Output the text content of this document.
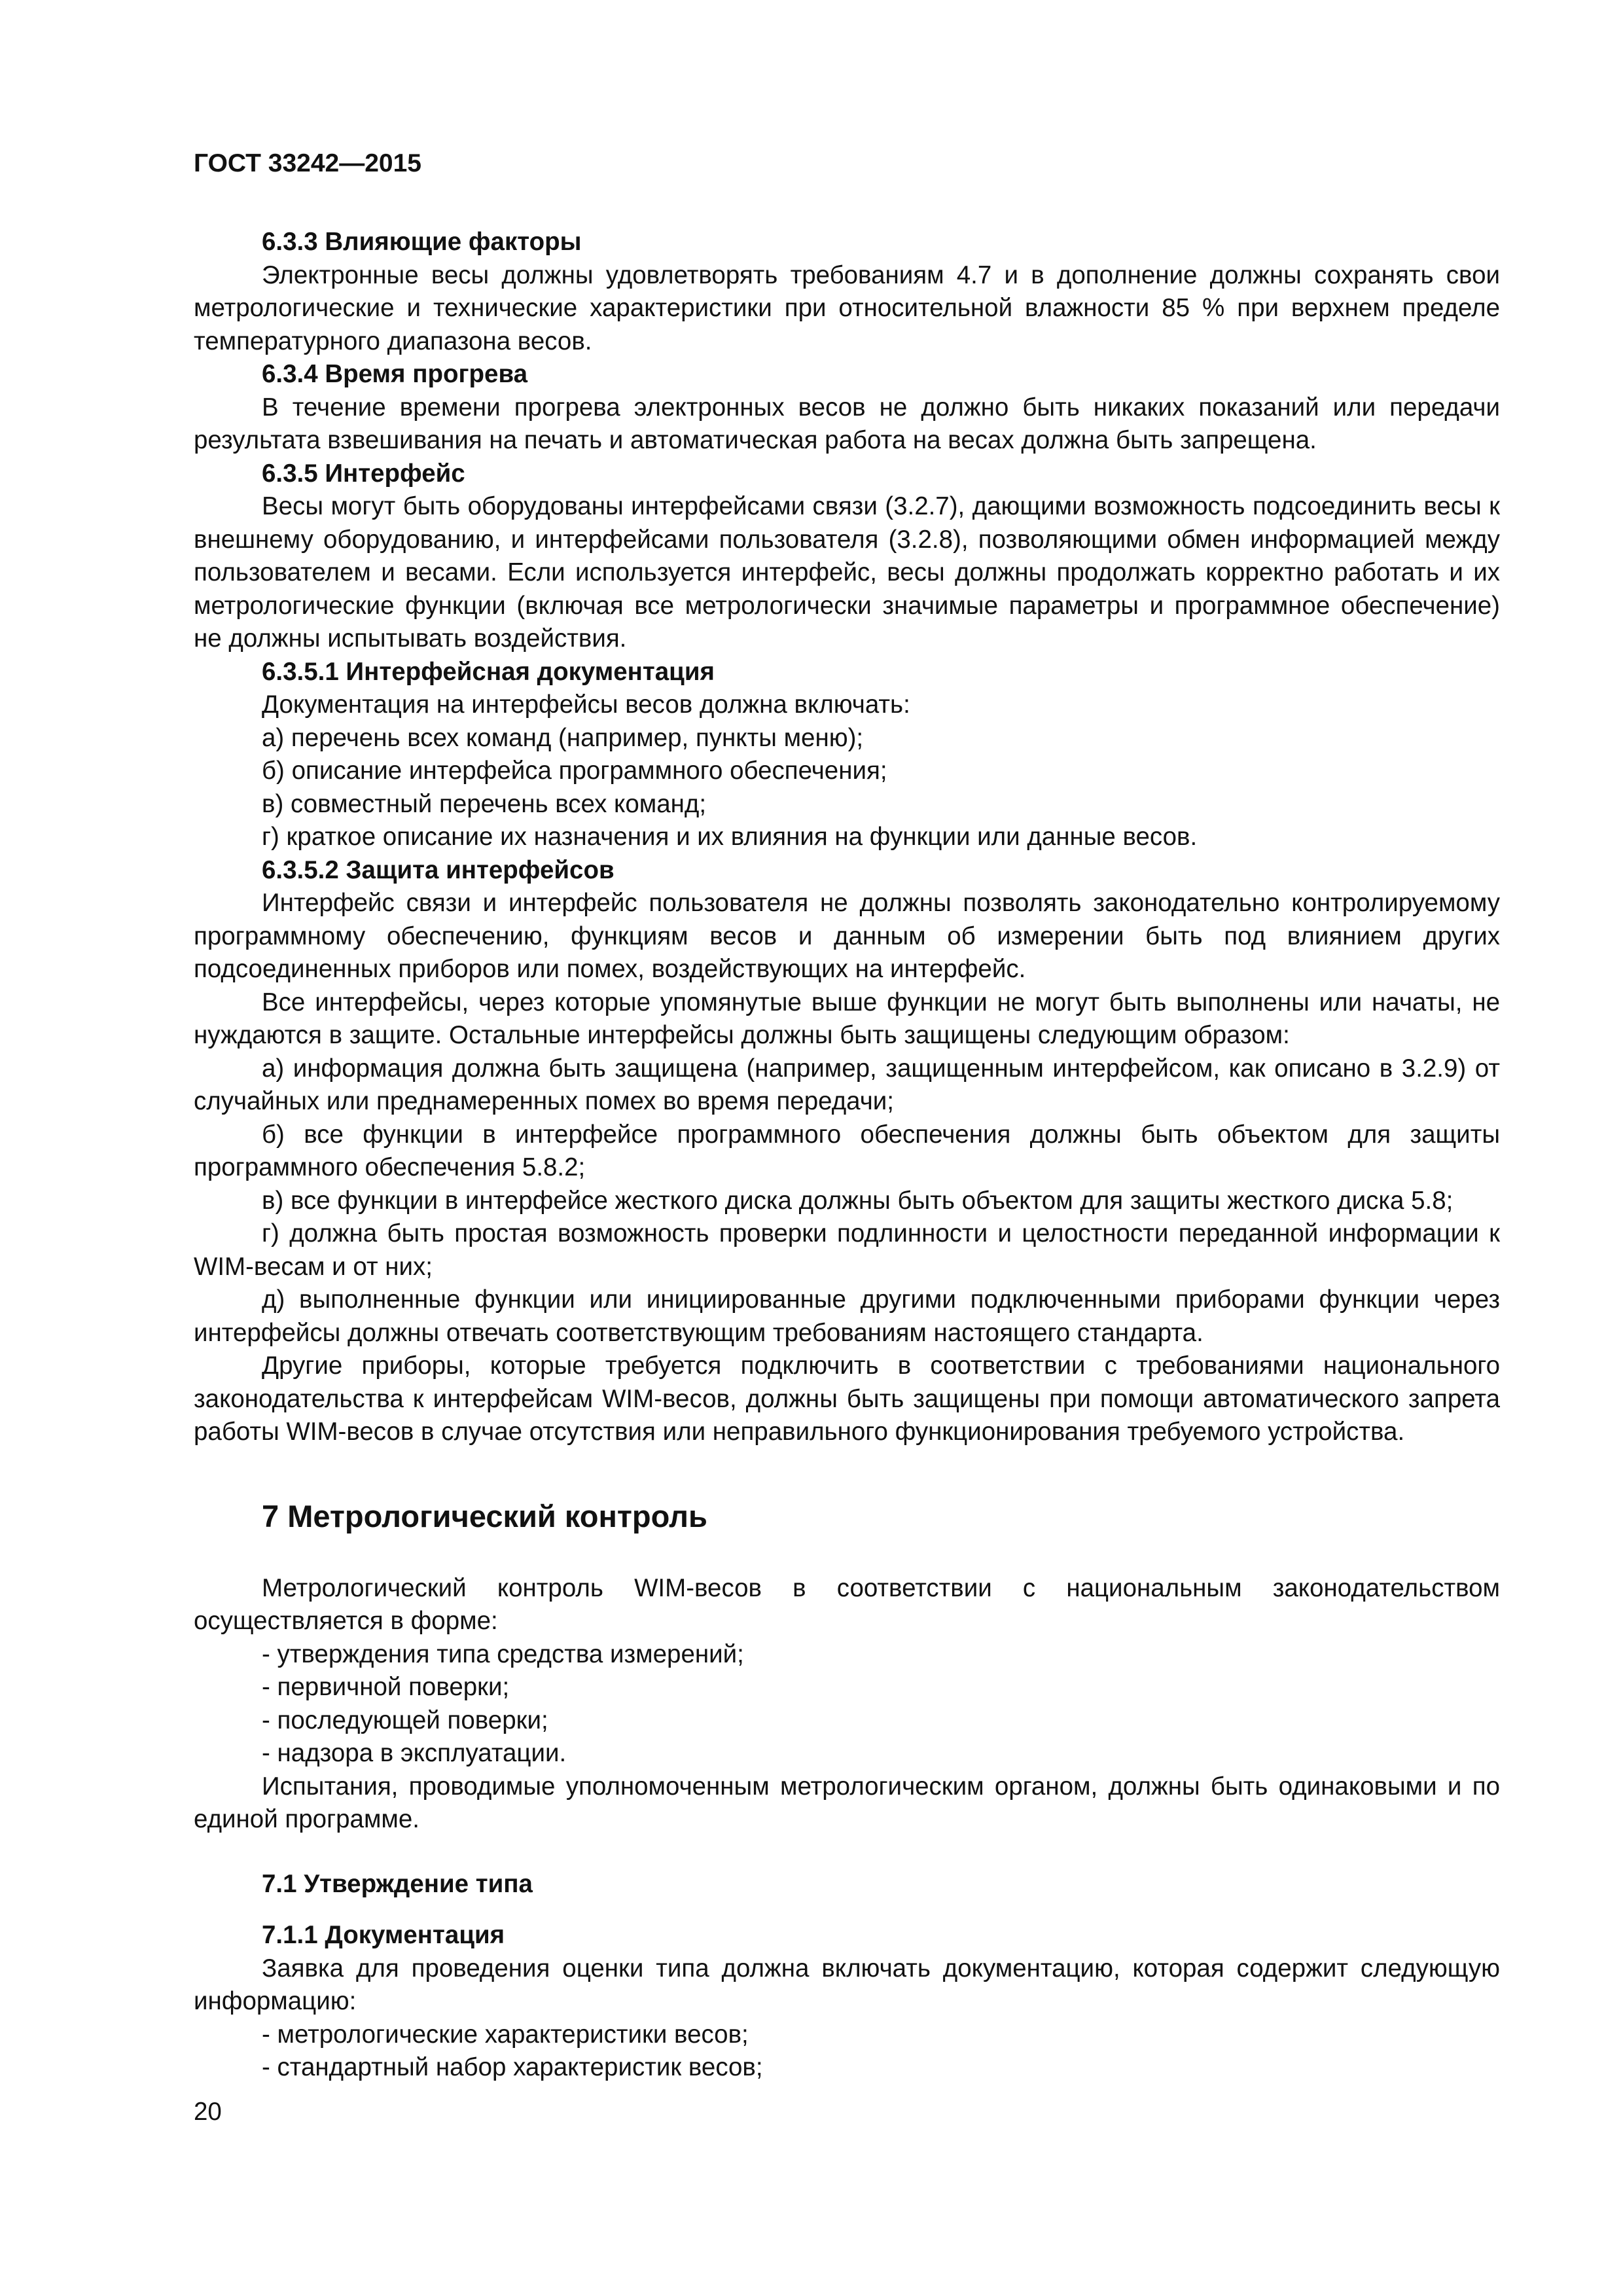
ГОСТ 33242—2015
6.3.3 Влияющие факторы

Электронные весы должны удовлетворять требованиям 4.7 и в дополнение должны сохранять свои метрологические и технические характеристики при относительной влажности 85 % при верхнем пределе температурного диапазона весов.

6.3.4 Время прогрева

В течение времени прогрева электронных весов не должно быть никаких показаний или передачи результата взвешивания на печать и автоматическая работа на весах должна быть запрещена.

6.3.5 Интерфейс

Весы могут быть оборудованы интерфейсами связи (3.2.7), дающими возможность подсоединить весы к внешнему оборудованию, и интерфейсами пользователя (3.2.8), позволяющими обмен информацией между пользователем и весами. Если используется интерфейс, весы должны продолжать корректно работать и их метрологические функции (включая все метрологически значимые параметры и программное обеспечение) не должны испытывать воздействия.

6.3.5.1 Интерфейсная документация

Документация на интерфейсы весов должна включать:

а) перечень всех команд (например, пункты меню);

б) описание интерфейса программного обеспечения;

в) совместный перечень всех команд;

г) краткое описание их назначения и их влияния на функции или данные весов.

6.3.5.2 Защита интерфейсов

Интерфейс связи и интерфейс пользователя не должны позволять законодательно контролируемому программному обеспечению, функциям весов и данным об измерении быть под влиянием других подсоединенных приборов или помех, воздействующих на интерфейс.

Все интерфейсы, через которые упомянутые выше функции не могут быть выполнены или начаты, не нуждаются в защите. Остальные интерфейсы должны быть защищены следующим образом:

а) информация должна быть защищена (например, защищенным интерфейсом, как описано в 3.2.9) от случайных или преднамеренных помех во время передачи;

б) все функции в интерфейсе программного обеспечения должны быть объектом для защиты программного обеспечения 5.8.2;

в) все функции в интерфейсе жесткого диска должны быть объектом для защиты жесткого диска 5.8;

г) должна быть простая возможность проверки подлинности и целостности переданной информации к WIM-весам и от них;

д) выполненные функции или инициированные другими подключенными приборами функции через интерфейсы должны отвечать соответствующим требованиям настоящего стандарта.

Другие приборы, которые требуется подключить в соответствии с требованиями национального законодательства к интерфейсам WIM-весов, должны быть защищены при помощи автоматического запрета работы WIM-весов в случае отсутствия или неправильного функционирования требуемого устройства.

7 Метрологический контроль

Метрологический контроль WIM-весов в соответствии с национальным законодательством осуществляется в форме:

- утверждения типа средства измерений;

- первичной поверки;

- последующей поверки;

- надзора в эксплуатации.

Испытания, проводимые уполномоченным метрологическим органом, должны быть одинаковыми и по единой программе.

7.1 Утверждение типа
7.1.1 Документация

Заявка для проведения оценки типа должна включать документацию, которая содержит следующую информацию:

- метрологические характеристики весов;

- стандартный набор характеристик весов;

20
